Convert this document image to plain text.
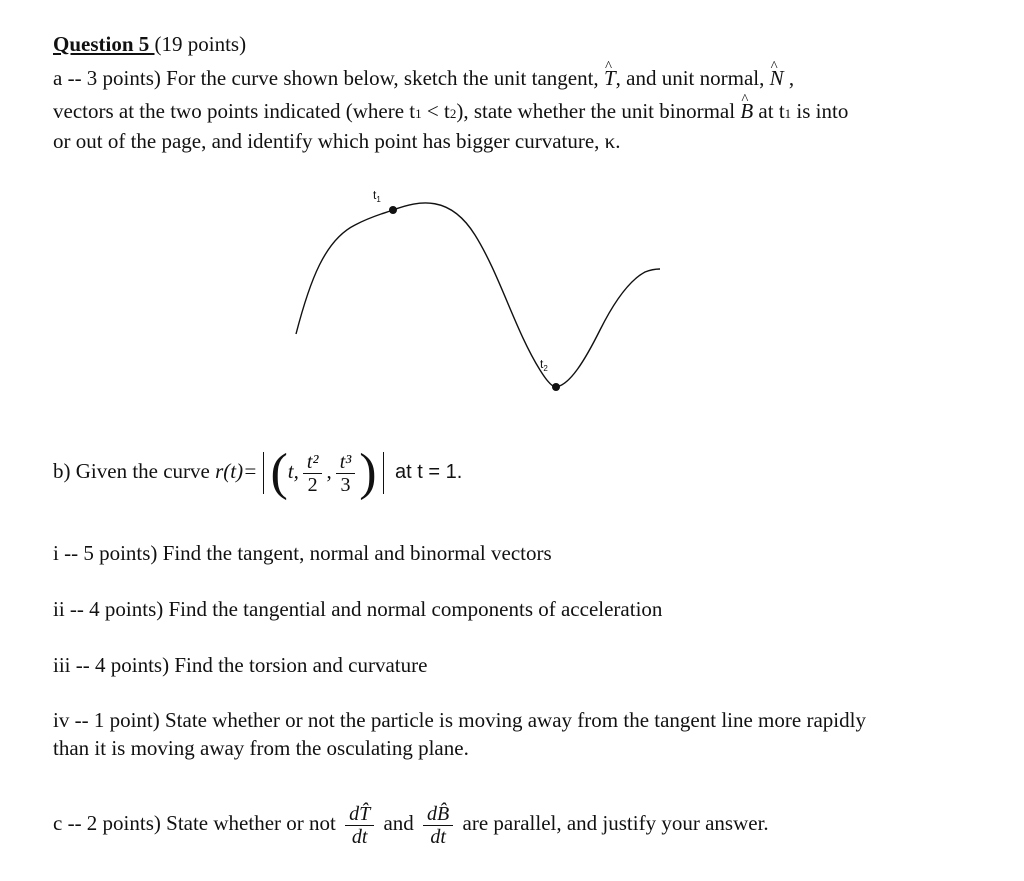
Question 5 (19 points)
a -- 3 points) For the curve shown below, sketch the unit tangent, ^ T, and unit normal, ^ N ,
vectors at the two points indicated (where t1 < t2), state whether the unit binormal ^ B at t1 is into
or out of the page, and identify which point has bigger curvature, κ.
$t_1$
$t_2$
b) Given the curve r(t)= (t, $\frac{\text{t²}}{2}$ , $\frac{\text{t³}}{3}$ ) at t = 1.
i -- 5 points) Find the tangent, normal and binormal vectors
ii -- 4 points) Find the tangential and normal components of acceleration
iii -- 4 points) Find the torsion and curvature
iv -- 1 point) State whether or not the particle is moving away from the tangent line more rapidly
than it is moving away from the osculating plane.
c -- 2 points) State whether or not $\frac{dT̂}{dt}$ and $\frac{dB̂}{dt}$ are parallel, and justify your answer.
